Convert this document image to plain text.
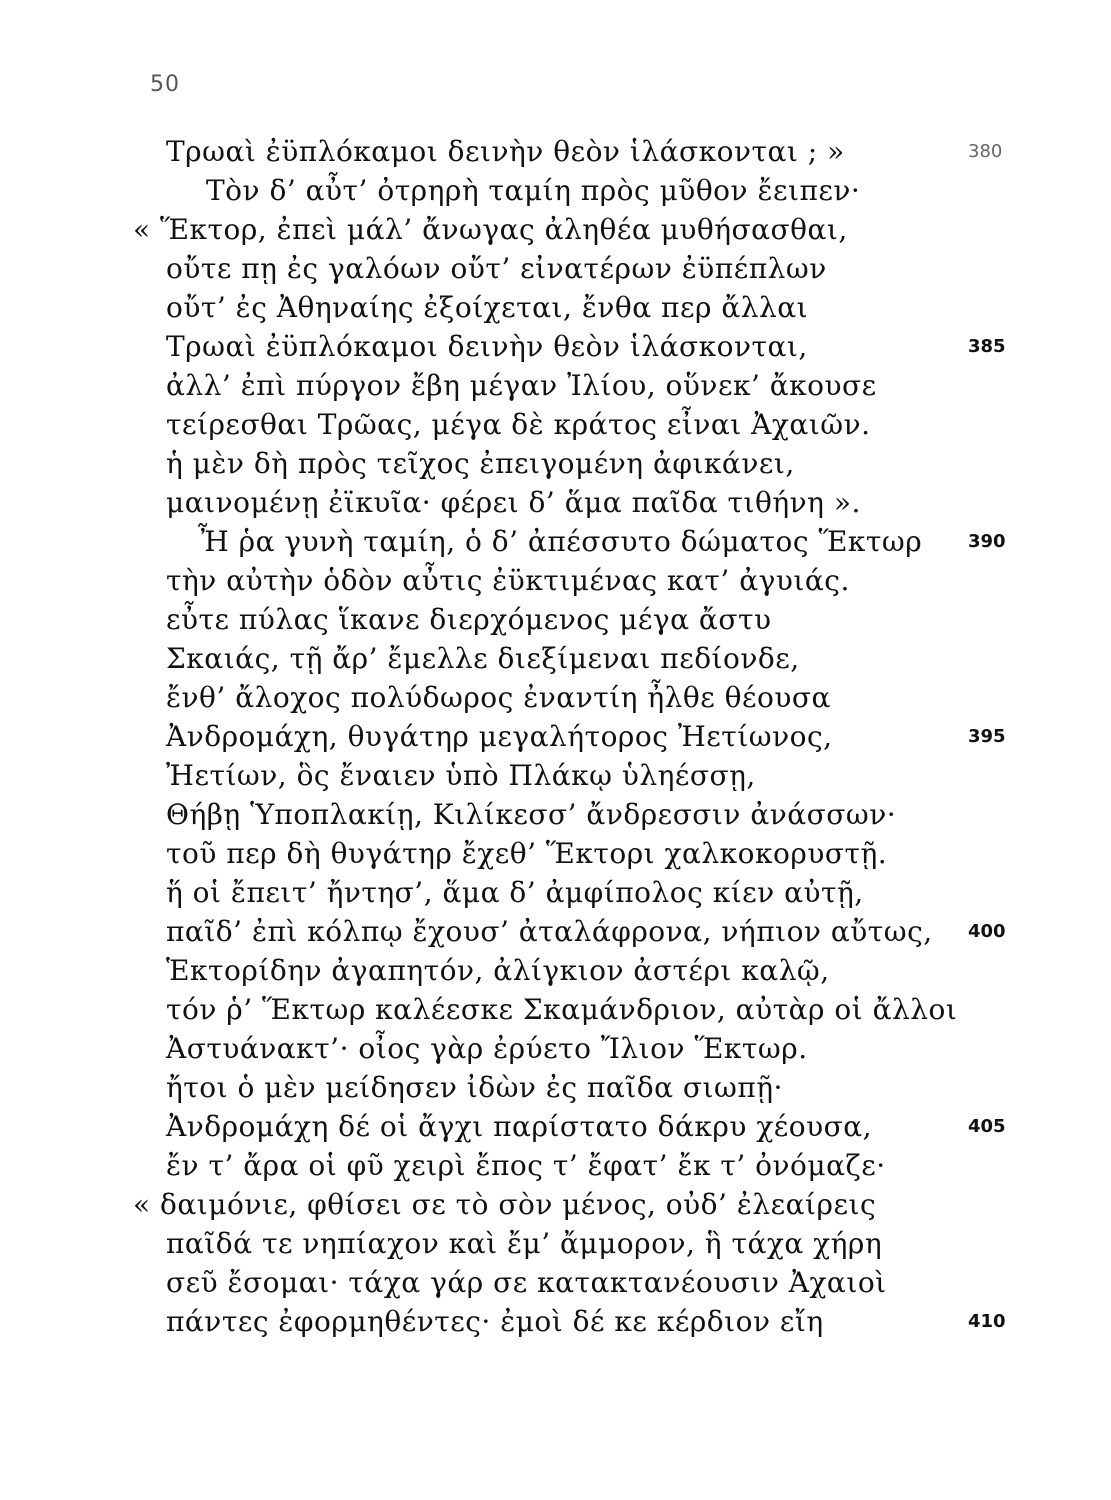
50
Τρωαὶ ἐϋπλόκαμοι δεινὴν θεὸν ἱλάσκονται ; »	380
Τὸν δ’ αὖτ’ ὀτρηρὴ ταμίη πρὸς μῦθον ἔειπεν·
« Ἕκτορ, ἐπεὶ μάλ’ ἄνωγας ἀληθέα μυθήσασθαι,
οὔτε πῃ ἐς γαλόων οὔτ’ εἰνατέρων ἐϋπέπλων
οὔτ’ ἐς Ἀθηναίης ἐξοίχεται, ἔνθα περ ἄλλαι
Τρωαὶ ἐϋπλόκαμοι δεινὴν θεὸν ἱλάσκονται,	385
ἀλλ’ ἐπὶ πύργον ἔβη μέγαν Ἰλίου, οὕνεκ’ ἄκουσε
τείρεσθαι Τρῶας, μέγα δὲ κράτος εἶναι Ἀχαιῶν.
ἡ μὲν δὴ πρὸς τεῖχος ἐπειγομένη ἀφικάνει,
μαινομένῃ ἐϊκυῖα· φέρει δ’ ἅμα παῖδα τιθήνη ».
Ἦ ῥα γυνὴ ταμίη, ὁ δ’ ἀπέσσυτο δώματος Ἕκτωρ	390
τὴν αὐτὴν ὁδὸν αὖτις ἐϋκτιμένας κατ’ ἀγυιάς.
εὖτε πύλας ἵκανε διερχόμενος μέγα ἄστυ
Σκαιάς, τῇ ἄρ’ ἔμελλε διεξίμεναι πεδίονδε,
ἔνθ’ ἄλοχος πολύδωρος ἐναντίη ἦλθε θέουσα
Ἀνδρομάχη, θυγάτηρ μεγαλήτορος Ἠετίωνος,	395
Ἠετίων, ὃς ἔναιεν ὑπὸ Πλάκῳ ὑληέσσῃ,
Θήβῃ Ὑποπλακίῃ, Κιλίκεσσ’ ἄνδρεσσιν ἀνάσσων·
τοῦ περ δὴ θυγάτηρ ἔχεθ’ Ἕκτορι χαλκοκορυστῇ.
ἥ οἱ ἔπειτ’ ἤντησ’, ἅμα δ’ ἀμφίπολος κίεν αὐτῇ,
παῖδ’ ἐπὶ κόλπῳ ἔχουσ’ ἀταλάφρονα, νήπιον αὔτως, 400
Ἑκτορίδην ἀγαπητόν, ἀλίγκιον ἀστέρι καλῷ,
τόν ῥ’ Ἕκτωρ καλέεσκε Σκαμάνδριον, αὐτὰρ οἱ ἄλλοι
Ἀστυάνακτ’· οἶος γὰρ ἐρύετο Ἴλιον Ἕκτωρ.
ἤτοι ὁ μὲν μείδησεν ἰδὼν ἐς παῖδα σιωπῇ·
Ἀνδρομάχη δέ οἱ ἄγχι παρίστατο δάκρυ χέουσα,	405
ἔν τ’ ἄρα οἱ φῦ χειρὶ ἔπος τ’ ἔφατ’ ἔκ τ’ ὀνόμαζε·
« δαιμόνιε, φθίσει σε τὸ σὸν μένος, οὐδ’ ἐλεαίρεις
παῖδά τε νηπίαχον καὶ ἔμ’ ἄμμορον, ἣ τάχα χήρη
σεῦ ἔσομαι· τάχα γάρ σε κατακτανέουσιν Ἀχαιοὶ
πάντες ἐφορμηθέντες· ἐμοὶ δέ κε κέρδιον εἴη	410
